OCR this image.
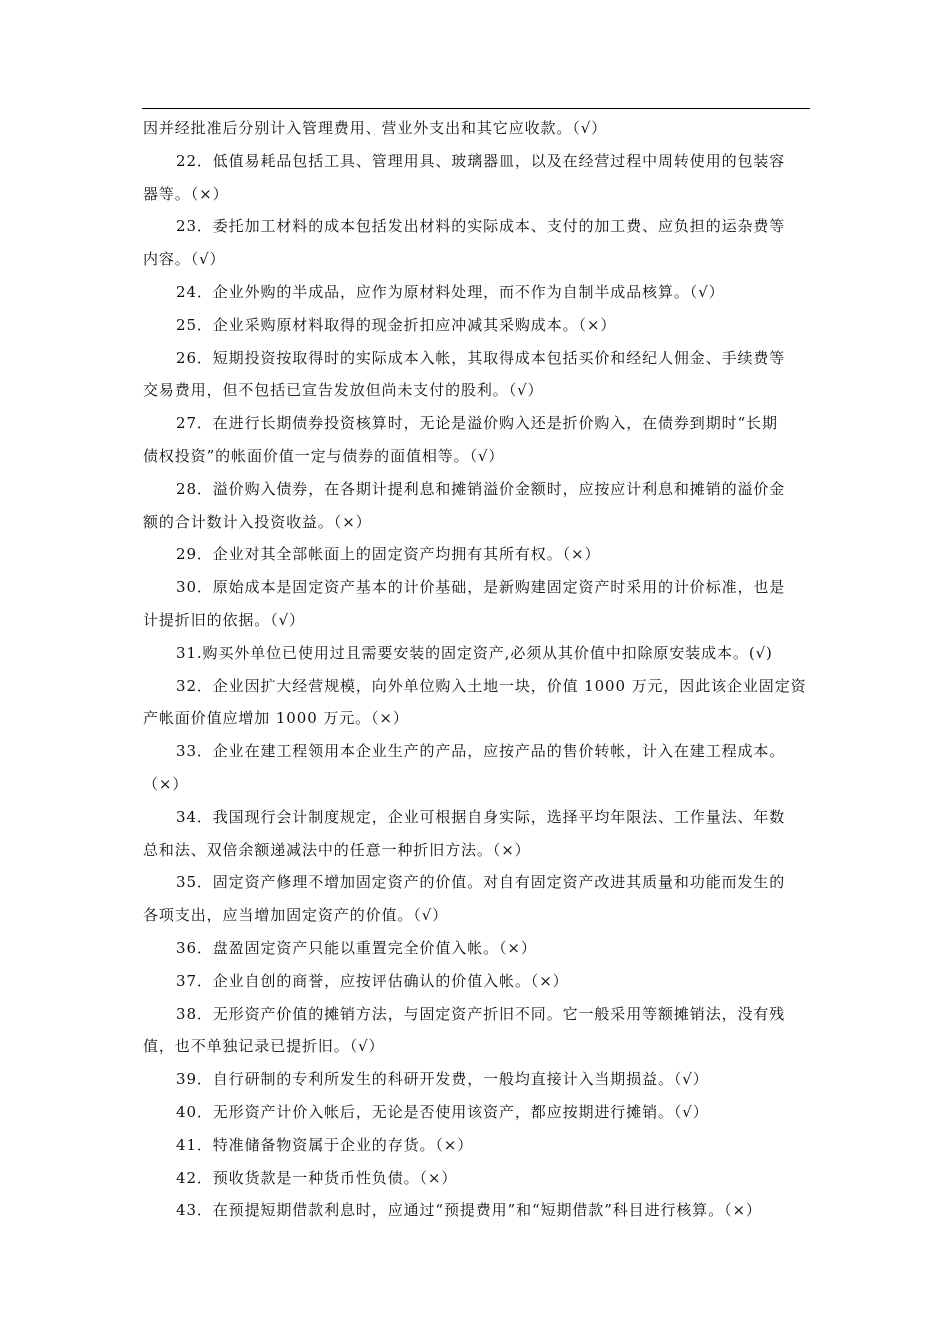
因并经批准后分别计入管理费用、营业外支出和其它应收款。（√）
22．低值易耗品包括工具、管理用具、玻璃器皿，以及在经营过程中周转使用的包装容
器等。（×）
23．委托加工材料的成本包括发出材料的实际成本、支付的加工费、应负担的运杂费等
内容。（√）
24．企业外购的半成品，应作为原材料处理，而不作为自制半成品核算。（√）
25．企业采购原材料取得的现金折扣应冲减其采购成本。（×）
26．短期投资按取得时的实际成本入帐，其取得成本包括买价和经纪人佣金、手续费等
交易费用，但不包括已宣告发放但尚未支付的股利。（√）
27．在进行长期债券投资核算时，无论是溢价购入还是折价购入，在债券到期时“长期
债权投资”的帐面价值一定与债券的面值相等。（√）
28．溢价购入债券，在各期计提利息和摊销溢价金额时，应按应计利息和摊销的溢价金
额的合计数计入投资收益。（×）
29．企业对其全部帐面上的固定资产均拥有其所有权。（×）
30．原始成本是固定资产基本的计价基础，是新购建固定资产时采用的计价标准，也是
计提折旧的依据。（√）
31.购买外单位已使用过且需要安装的固定资产,必须从其价值中扣除原安装成本。(√)
32．企业因扩大经营规模，向外单位购入土地一块，价值 1000 万元，因此该企业固定资
产帐面价值应增加 1000 万元。（×）
33．企业在建工程领用本企业生产的产品，应按产品的售价转帐，计入在建工程成本。
（×）
34．我国现行会计制度规定，企业可根据自身实际，选择平均年限法、工作量法、年数
总和法、双倍余额递减法中的任意一种折旧方法。（×）
35．固定资产修理不增加固定资产的价值。对自有固定资产改进其质量和功能而发生的
各项支出，应当增加固定资产的价值。（√）
36．盘盈固定资产只能以重置完全价值入帐。（×）
37．企业自创的商誉，应按评估确认的价值入帐。（×）
38．无形资产价值的摊销方法，与固定资产折旧不同。它一般采用等额摊销法，没有残
值，也不单独记录已提折旧。（√）
39．自行研制的专利所发生的科研开发费，一般均直接计入当期损益。（√）
40．无形资产计价入帐后，无论是否使用该资产，都应按期进行摊销。（√）
41．特准储备物资属于企业的存货。（×）
42．预收货款是一种货币性负债。（×）
43．在预提短期借款利息时，应通过“预提费用”和“短期借款”科目进行核算。（×）
